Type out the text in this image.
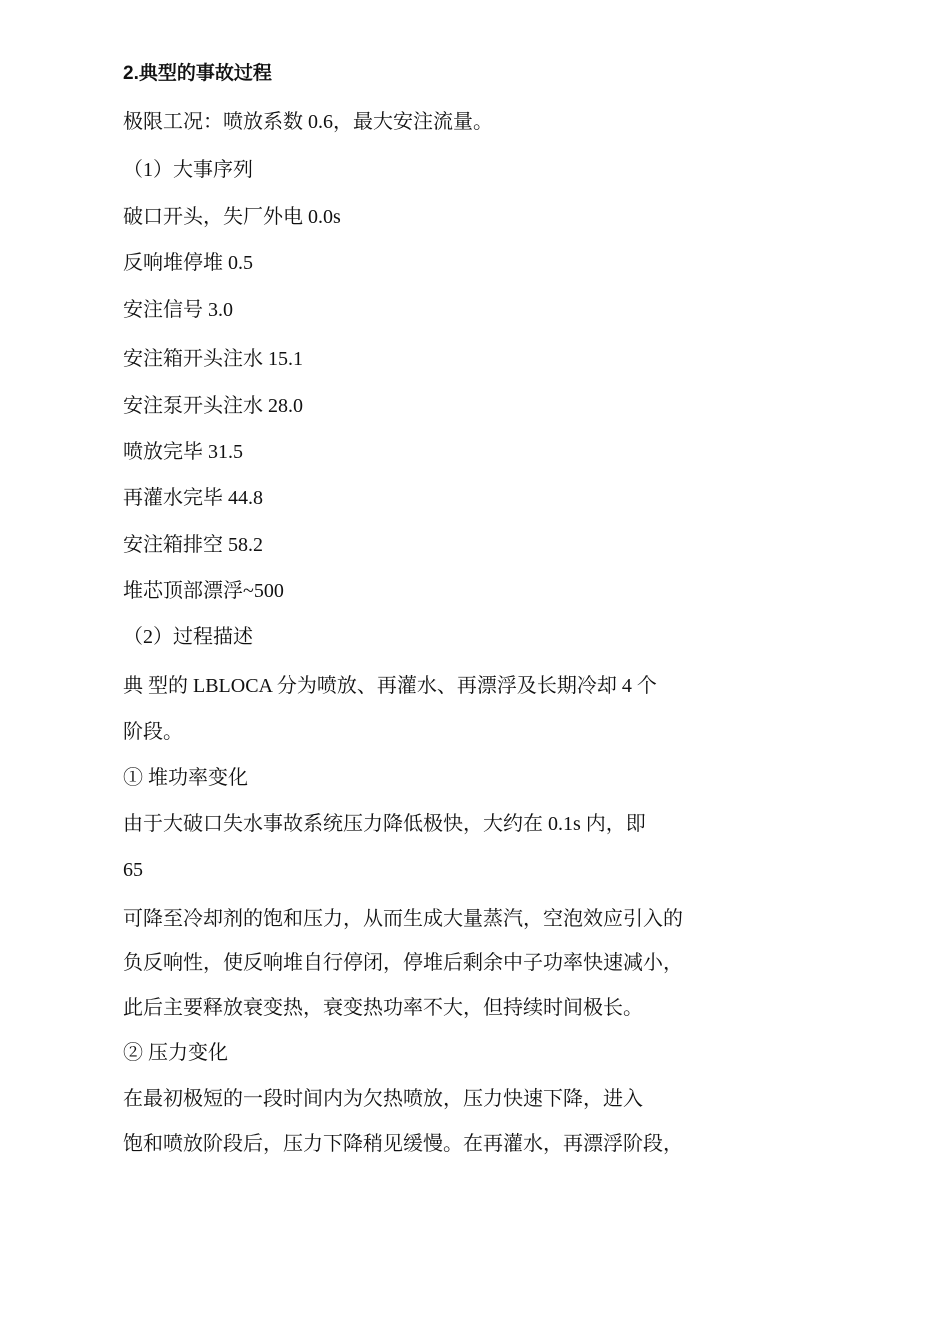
2.典型的事故过程
极限工况：喷放系数 0.6，最大安注流量。
（1）大事序列
破口开头，失厂外电 0.0s
反响堆停堆 0.5
安注信号 3.0
安注箱开头注水 15.1
安注泵开头注水 28.0
喷放完毕 31.5
再灌水完毕 44.8
安注箱排空 58.2
堆芯顶部漂浮~500
（2）过程描述
典 型的 LBLOCA 分为喷放、再灌水、再漂浮及长期冷却 4 个
阶段。
① 堆功率变化
由于大破口失水事故系统压力降低极快，大约在 0.1s 内，即
65
可降至冷却剂的饱和压力，从而生成大量蒸汽，空泡效应引入的
负反响性，使反响堆自行停闭，停堆后剩余中子功率快速减小，
此后主要释放衰变热，衰变热功率不大，但持续时间极长。
② 压力变化
在最初极短的一段时间内为欠热喷放，压力快速下降，进入
饱和喷放阶段后，压力下降稍见缓慢。在再灌水，再漂浮阶段，
